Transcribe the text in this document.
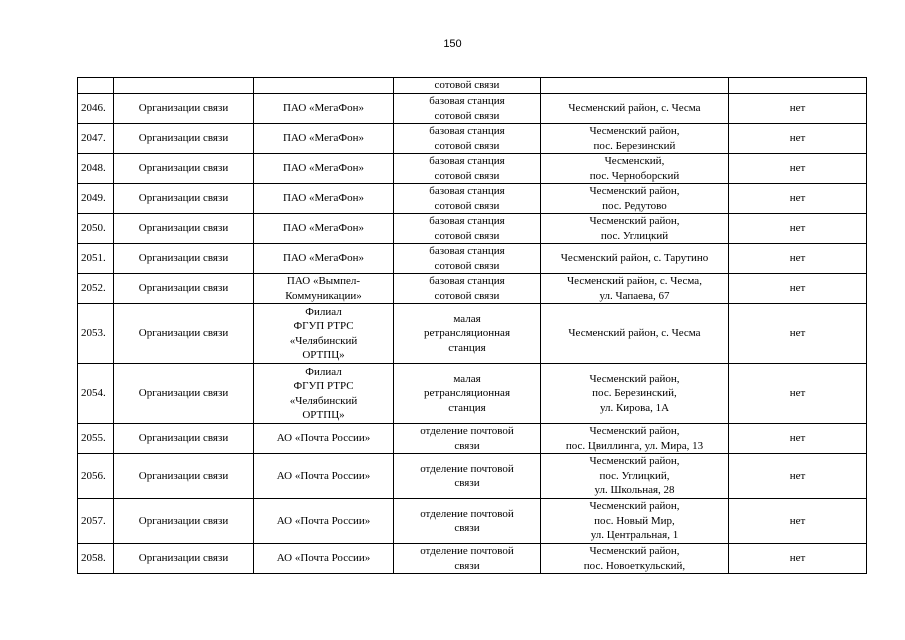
150

			сотовой связи		

2046.	Организации связи	ПАО «МегаФон»	базовая станция
сотовой связи	Чесменский район, с. Чесма	нет
2047.	Организации связи	ПАО «МегаФон»	базовая станция
сотовой связи	Чесменский район,
пос. Березинский	нет
2048.	Организации связи	ПАО «МегаФон»	базовая станция
сотовой связи	Чесменский,
пос. Черноборский	нет
2049.	Организации связи	ПАО «МегаФон»	базовая станция
сотовой связи	Чесменский район,
пос. Редутово	нет
2050.	Организации связи	ПАО «МегаФон»	базовая станция
сотовой связи	Чесменский район,
пос. Углицкий	нет
2051.	Организации связи	ПАО «МегаФон»	базовая станция
сотовой связи	Чесменский район, с. Тарутино	нет
2052.	Организации связи	ПАО «Вымпел-
Коммуникации»	базовая станция
сотовой связи	Чесменский район, с. Чесма,
ул. Чапаева, 67	нет
2053.	Организации связи	Филиал
ФГУП РТРС
«Челябинский
ОРТПЦ»	малая
ретрансляционная
станция	Чесменский район, с. Чесма	нет
2054.	Организации связи	Филиал
ФГУП РТРС
«Челябинский
ОРТПЦ»	малая
ретрансляционная
станция	Чесменский район,
пос. Березинский,
ул. Кирова, 1А	нет
2055.	Организации связи	АО «Почта России»	отделение почтовой
связи	Чесменский район,
пос. Цвиллинга, ул. Мира, 13	нет
2056.	Организации связи	АО «Почта России»	отделение почтовой
связи	Чесменский район,
пос. Углицкий,
ул. Школьная, 28	нет
2057.	Организации связи	АО «Почта России»	отделение почтовой
связи	Чесменский район,
пос. Новый Мир,
ул. Центральная, 1	нет
2058.	Организации связи	АО «Почта России»	отделение почтовой
связи	Чесменский район,
пос. Новоеткульский,	нет
